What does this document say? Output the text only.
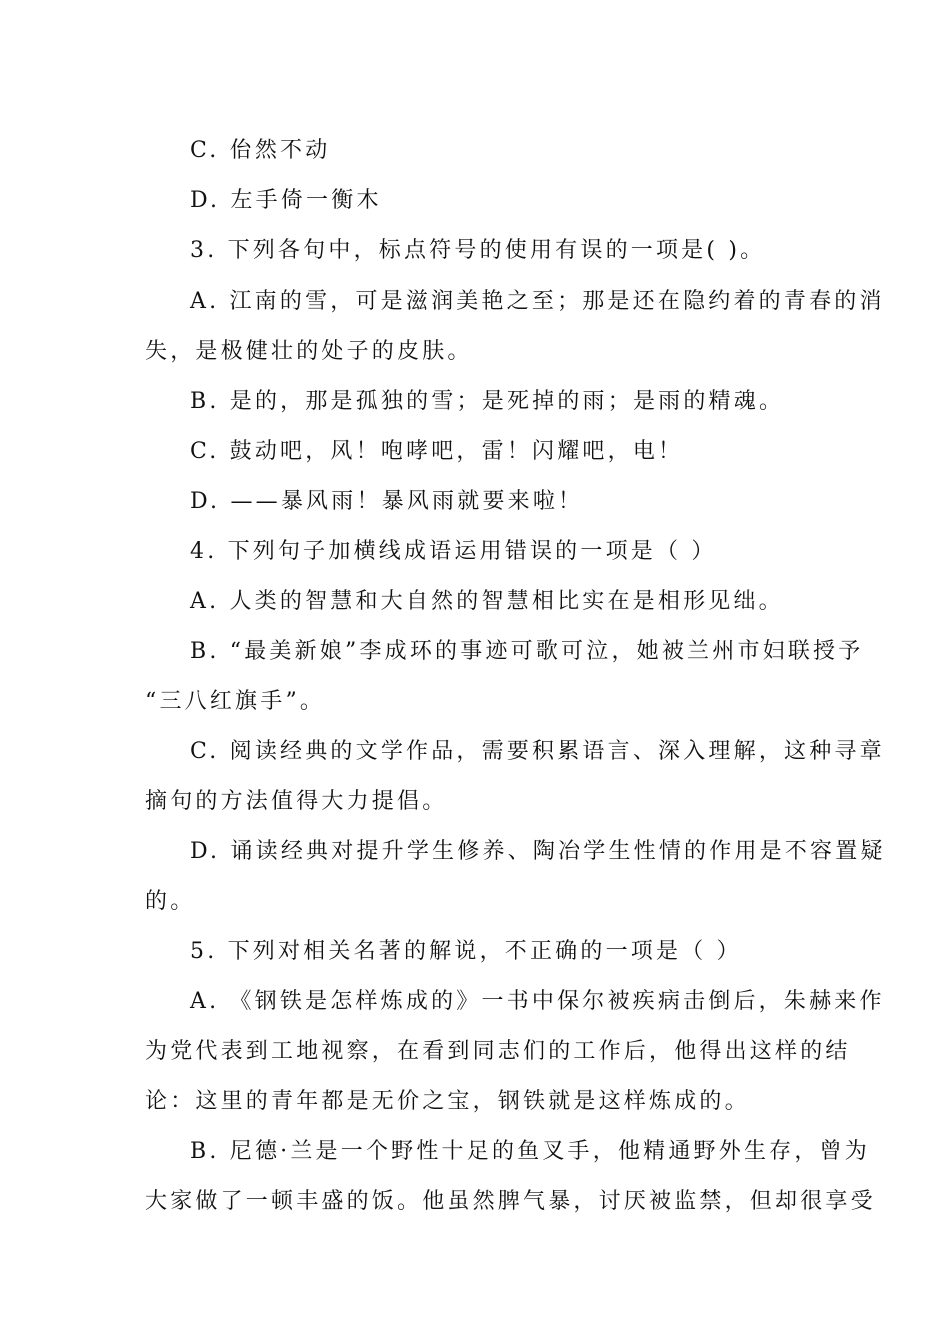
C. 佁然不动
D. 左手倚一衡木
3. 下列各句中，标点符号的使用有误的一项是( )。
A. 江南的雪，可是滋润美艳之至；那是还在隐约着的青春的消
失，是极健壮的处子的皮肤。
B. 是的，那是孤独的雪；是死掉的雨；是雨的精魂。
C. 鼓动吧，风！咆哮吧，雷！闪耀吧，电！
D. ——暴风雨！暴风雨就要来啦！
4. 下列句子加横线成语运用错误的一项是（ ）
A. 人类的智慧和大自然的智慧相比实在是相形见绌。
B. “最美新娘”李成环的事迹可歌可泣，她被兰州市妇联授予
“三八红旗手”。
C. 阅读经典的文学作品，需要积累语言、深入理解，这种寻章
摘句的方法值得大力提倡。
D. 诵读经典对提升学生修养、陶冶学生性情的作用是不容置疑
的。
5. 下列对相关名著的解说，不正确的一项是（ ）
A. 《钢铁是怎样炼成的》一书中保尔被疾病击倒后，朱赫来作
为党代表到工地视察，在看到同志们的工作后，他得出这样的结
论：这里的青年都是无价之宝，钢铁就是这样炼成的。
B. 尼德·兰是一个野性十足的鱼叉手，他精通野外生存，曾为
大家做了一顿丰盛的饭。他虽然脾气暴，讨厌被监禁，但却很享受
